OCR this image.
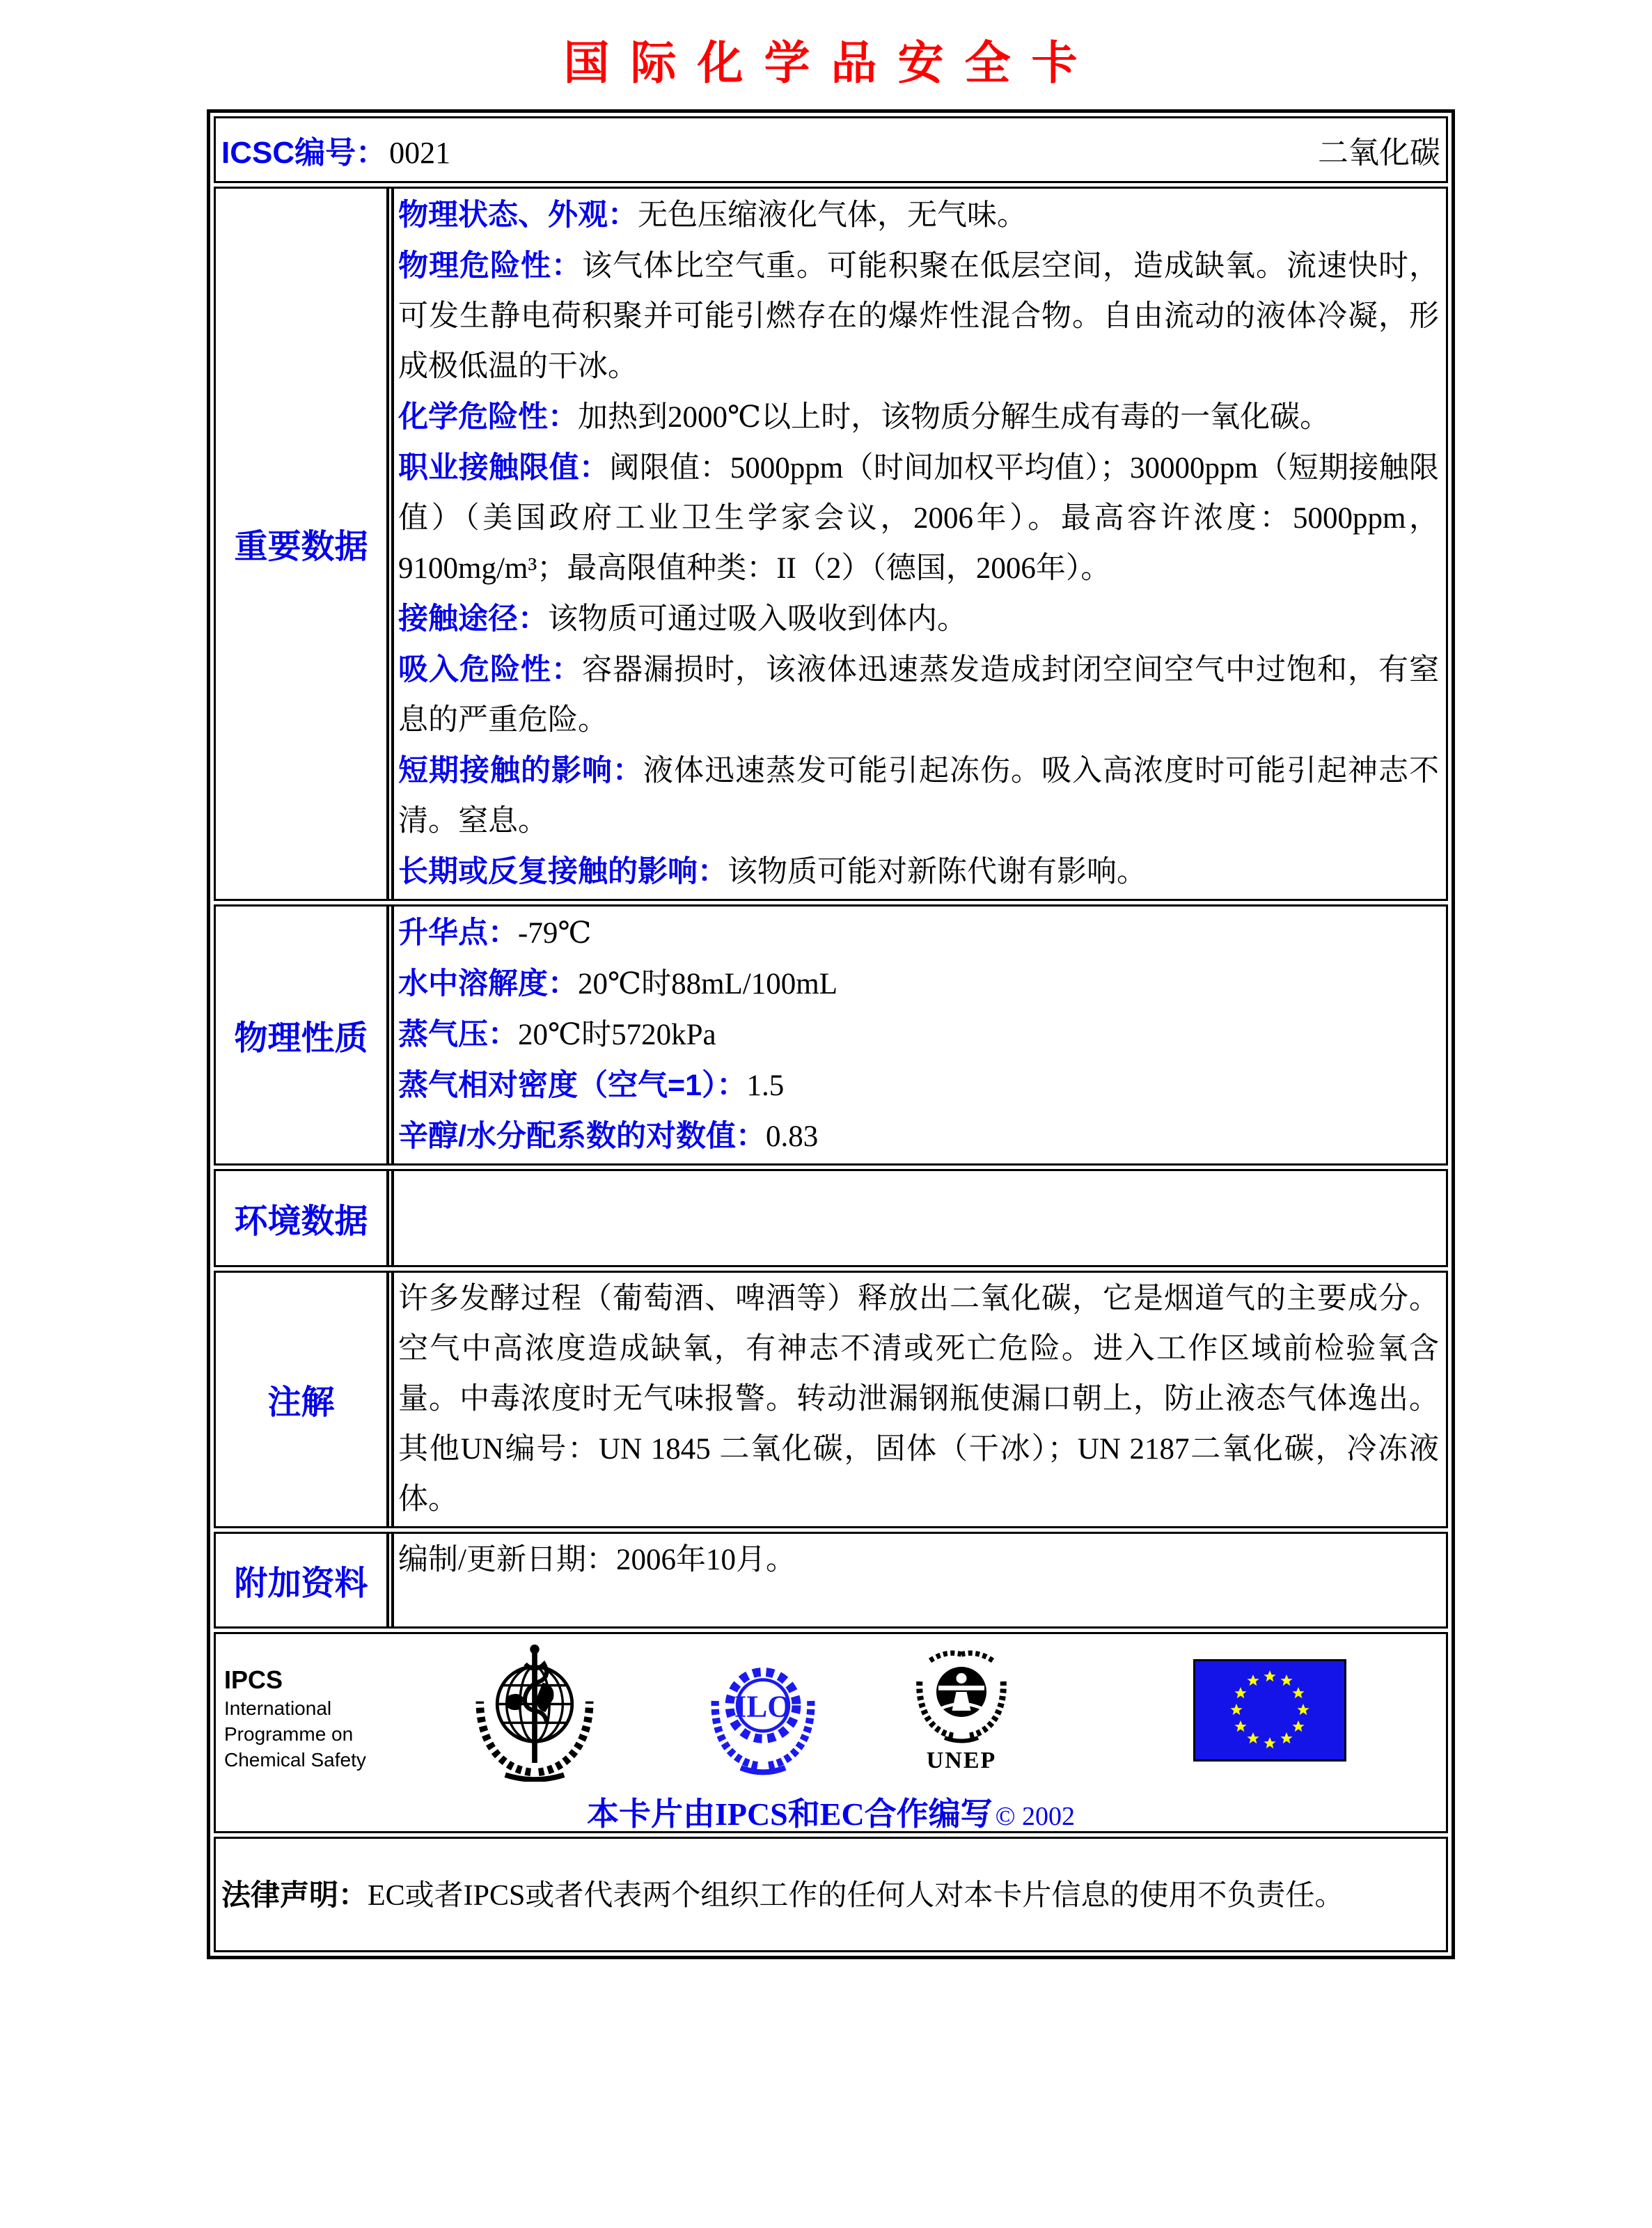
国际化学品安全卡
ICSC编号： 0021	二氧化碳
重要数据

物理状态、外观：无色压缩液化气体，无气味。

物理危险性：该气体比空气重。可能积聚在低层空间，造成缺氧。流速快时，可发生静电荷积聚并可能引燃存在的爆炸性混合物。自由流动的液体冷凝，形成极低温的干冰。

化学危险性：加热到2000℃以上时，该物质分解生成有毒的一氧化碳。

职业接触限值：阈限值：5000ppm（时间加权平均值）；30000ppm（短期接触限值）（美国政府工业卫生学家会议，2006年）。最高容许浓度：5000ppm，9100mg/m³；最高限值种类：II（2）（德国，2006年）。

接触途径：该物质可通过吸入吸收到体内。

吸入危险性：容器漏损时，该液体迅速蒸发造成封闭空间空气中过饱和，有窒息的严重危险。

短期接触的影响：液体迅速蒸发可能引起冻伤。吸入高浓度时可能引起神志不清。窒息。

长期或反复接触的影响：该物质可能对新陈代谢有影响。

物理性质

升华点：-79℃

水中溶解度：20℃时88mL/100mL

蒸气压：20℃时5720kPa

蒸气相对密度（空气=1）：1.5

辛醇/水分配系数的对数值：0.83

环境数据
注解

许多发酵过程（葡萄酒、啤酒等）释放出二氧化碳，它是烟道气的主要成分。空气中高浓度造成缺氧，有神志不清或死亡危险。进入工作区域前检验氧含量。中毒浓度时无气味报警。转动泄漏钢瓶使漏口朝上，防止液态气体逸出。其他UN编号：UN 1845 二氧化碳，固体（干冰）；UN 2187二氧化碳，冷冻液体。

附加资料

编制/更新日期：2006年10月。

IPCS
International
Programme on
Chemical Safety
ILO
UNEP
本卡片由IPCS和EC合作编写 © 2002

法律声明：EC或者IPCS或者代表两个组织工作的任何人对本卡片信息的使用不负责任。
